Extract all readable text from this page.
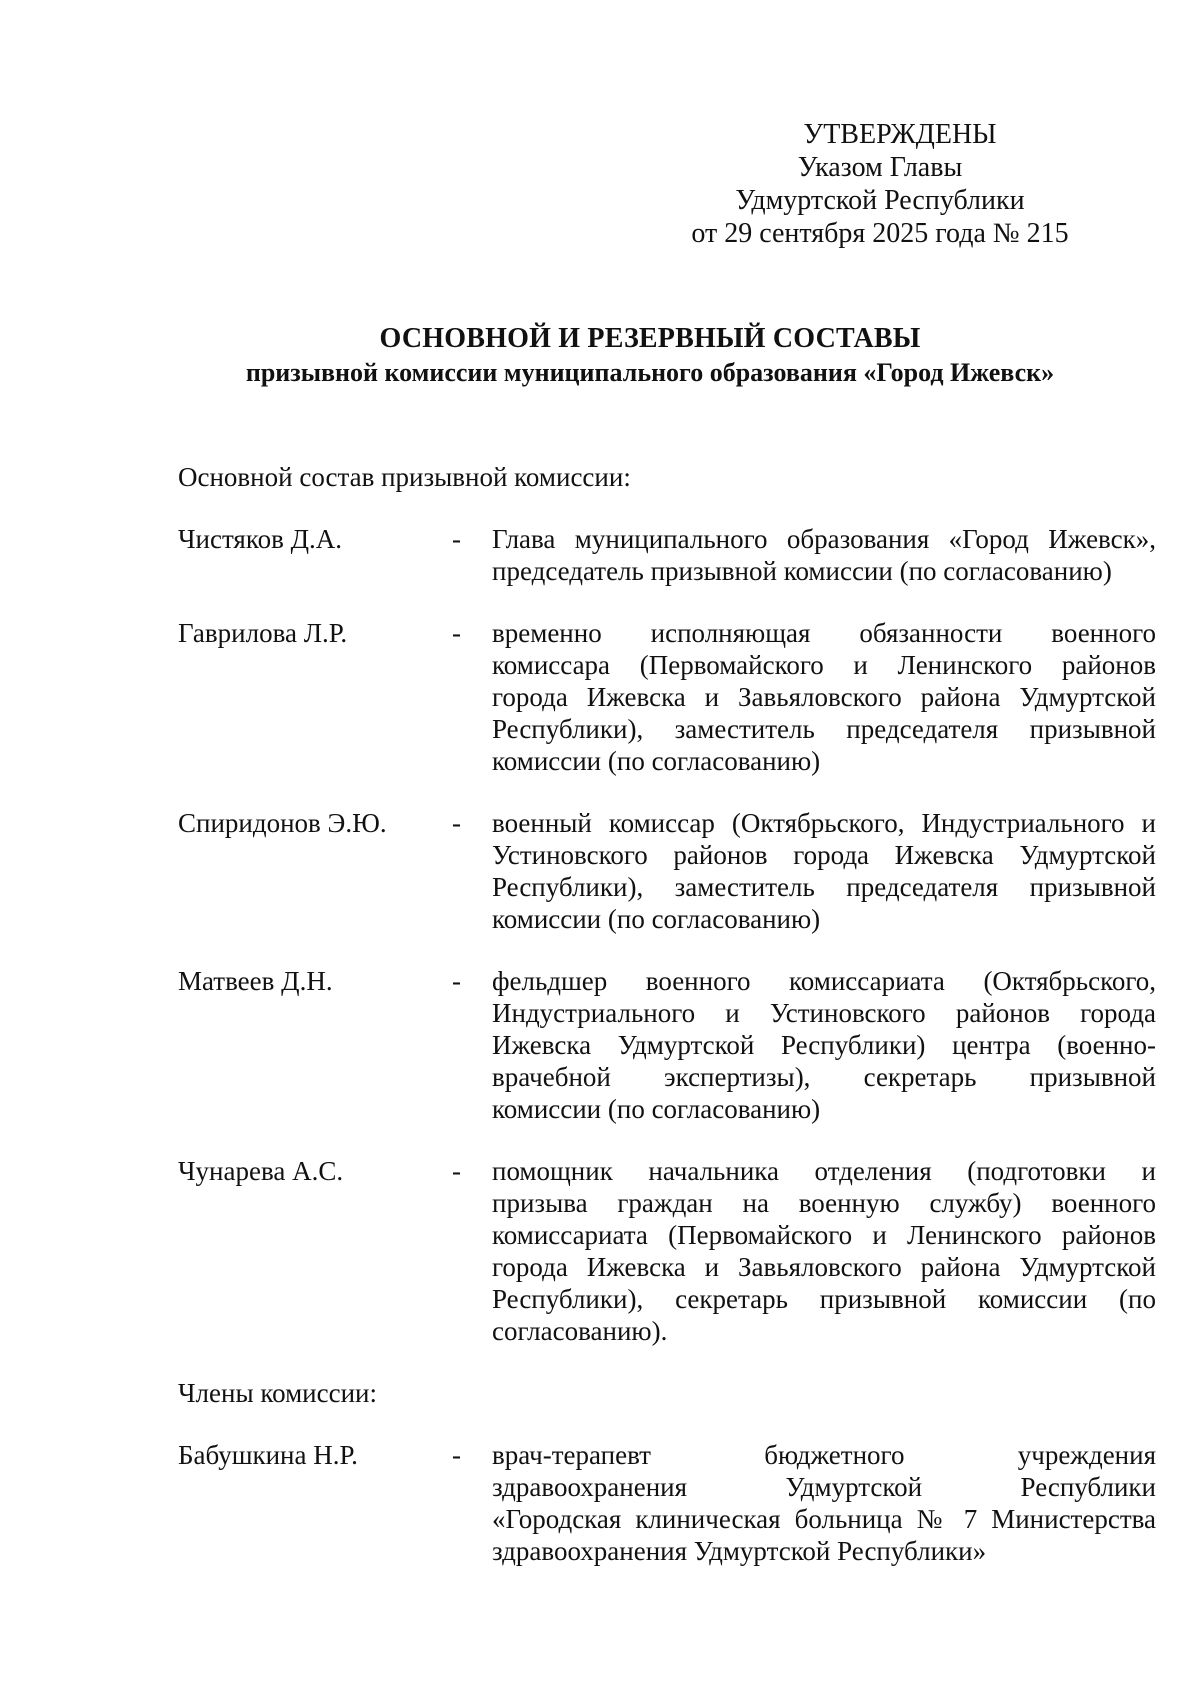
УТВЕРЖДЕНЫ
Указом Главы
Удмуртской Республики
от 29 сентября 2025 года № 215
ОСНОВНОЙ И РЕЗЕРВНЫЙ СОСТАВЫ
призывной комиссии муниципального образования «Город Ижевск»
Основной состав призывной комиссии:
Чистяков Д.А.	- Глава муниципального образования «Город Ижевск»,
председатель призывной комиссии (по согласованию)
Гаврилова Л.Р.	- временно исполняющая обязанности военного
комиссара (Первомайского и Ленинского районов
города Ижевска и Завьяловского района Удмуртской
Республики), заместитель председателя призывной
комиссии (по согласованию)
Спиридонов Э.Ю. - военный комиссар (Октябрьского, Индустриального и
Устиновского районов города Ижевска Удмуртской
Республики), заместитель председателя призывной
комиссии (по согласованию)
Матвеев Д.Н.	- фельдшер военного комиссариата (Октябрьского,
Индустриального и Устиновского районов города
Ижевска Удмуртской Республики) центра (военно-
врачебной экспертизы), секретарь призывной
комиссии (по согласованию)
Чунарева А.С.	- помощник начальника отделения (подготовки и
призыва граждан на военную службу) военного
комиссариата (Первомайского и Ленинского районов
города Ижевска и Завьяловского района Удмуртской
Республики), секретарь призывной комиссии (по
согласованию).
Члены комиссии:
Бабушкина Н.Р.	- врач-терапевт бюджетного учреждения
здравоохранения Удмуртской Республики
«Городская клиническая больница № 7 Министерства
здравоохранения Удмуртской Республики»
